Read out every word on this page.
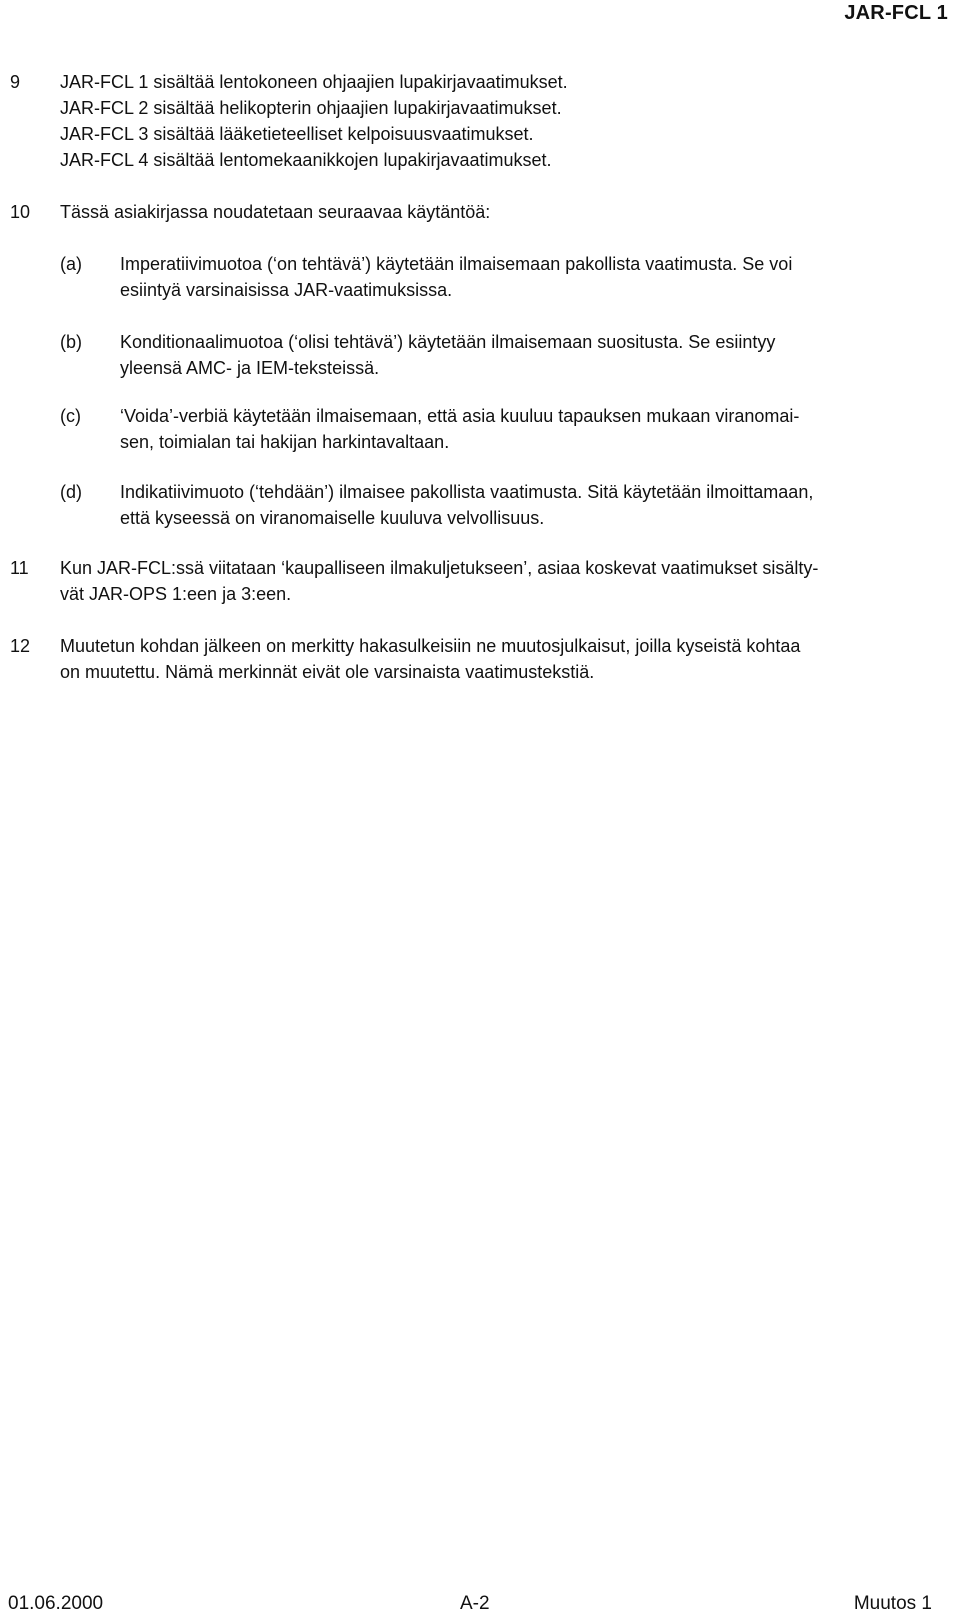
JAR-FCL 1
9 JAR-FCL 1 sisältää lentokoneen ohjaajien lupakirjavaatimukset.
JAR-FCL 2 sisältää helikopterin ohjaajien lupakirjavaatimukset.
JAR-FCL 3 sisältää lääketieteelliset kelpoisuusvaatimukset.
JAR-FCL 4 sisältää lentomekaanikkojen lupakirjavaatimukset.
10 Tässä asiakirjassa noudatetaan seuraavaa käytäntöä:
(a) Imperatiivimuotoa (‘on tehtävä’) käytetään ilmaisemaan pakollista vaatimusta. Se voi
esiintyä varsinaisissa JAR-vaatimuksissa.
(b) Konditionaalimuotoa (‘olisi tehtävä’) käytetään ilmaisemaan suositusta. Se esiintyy
yleensä AMC- ja IEM-teksteissä.
(c) ‘Voida’-verbiä käytetään ilmaisemaan, että asia kuuluu tapauksen mukaan viranomai-
sen, toimialan tai hakijan harkintavaltaan.
(d) Indikatiivimuoto (‘tehdään’) ilmaisee pakollista vaatimusta. Sitä käytetään ilmoittamaan,
että kyseessä on viranomaiselle kuuluva velvollisuus.
11 Kun JAR-FCL:ssä viitataan ‘kaupalliseen ilmakuljetukseen’, asiaa koskevat vaatimukset sisälty-
vät JAR-OPS 1:een ja 3:een.
12 Muutetun kohdan jälkeen on merkitty hakasulkeisiin ne muutosjulkaisut, joilla kyseistä kohtaa
on muutettu. Nämä merkinnät eivät ole varsinaista vaatimustekstiä.
01.06.2000	A-2	Muutos 1
